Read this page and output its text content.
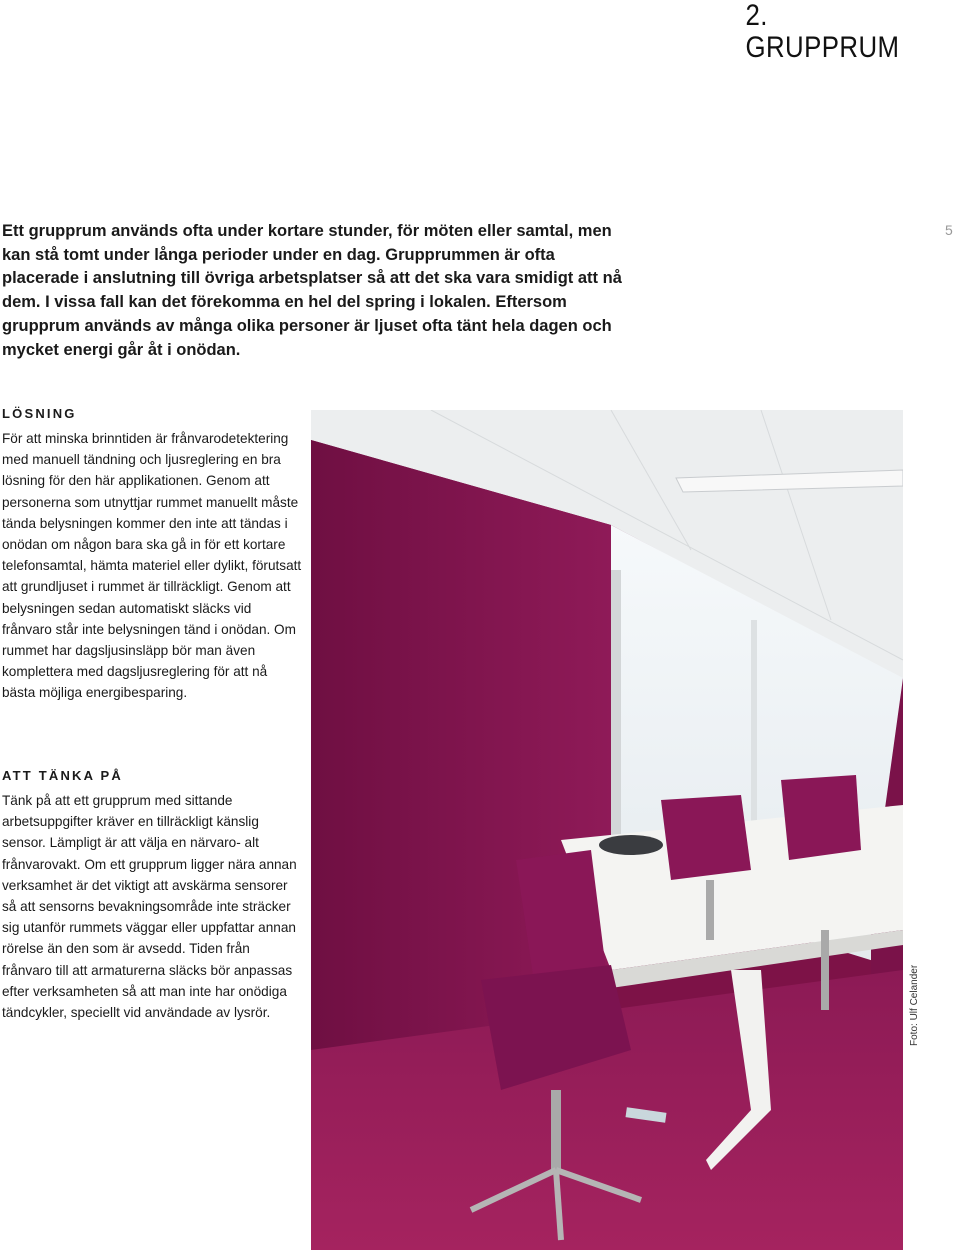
2. GRUPPRUM
5

Ett grupprum används ofta under kortare stunder, för möten eller samtal, men kan stå tomt under långa perioder under en dag. Grupprummen är ofta placerade i anslutning till övriga arbetsplatser så att det ska vara smidigt att nå dem. I vissa fall kan det förekomma en hel del spring i lokalen. Eftersom grupprum används av många olika personer är ljuset ofta tänt hela dagen och mycket energi går åt i onödan.

LÖSNING

För att minska brinntiden är frånvarodetektering med manuell tändning och ljusreglering en bra lösning för den här applikationen. Genom att personerna som utnyttjar rummet manuellt måste tända belysningen kommer den inte att tändas i onödan om någon bara ska gå in för ett kortare telefonsamtal, hämta materiel eller dylikt, förutsatt att grundljuset i rummet är tillräckligt. Genom att belysningen sedan automatiskt släcks vid frånvaro står inte belysningen tänd i onödan. Om rummet har dagsljusinsläpp bör man även komplettera med dagsljusreglering för att nå bästa möjliga energibesparing.

ATT TÄNKA PÅ

Tänk på att ett grupprum med sittande arbetsuppgifter kräver en tillräckligt känslig sensor. Lämpligt är att välja en närvaro- alt frånvarovakt. Om ett grupprum ligger nära annan verksamhet är det viktigt att avskärma sensorer så att sensorns bevakningsområde inte sträcker sig utanför rummets väggar eller uppfattar annan rörelse än den som är avsedd. Tiden från frånvaro till att armaturerna släcks bör anpassas efter verksamheten så att man inte har onödiga tändcykler, speciellt vid användade av lysrör.	Foto: Ulf Celander
